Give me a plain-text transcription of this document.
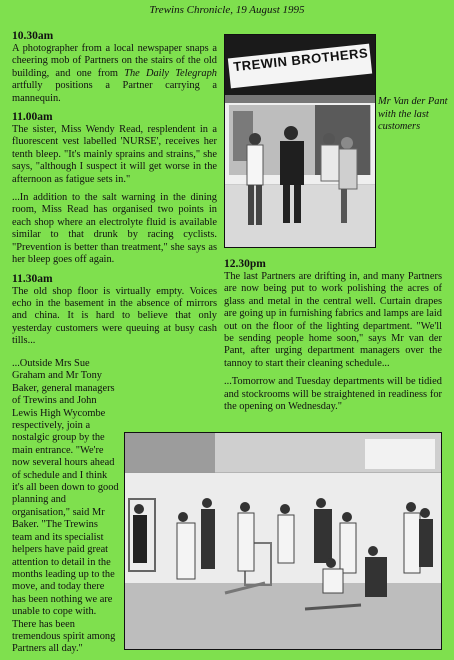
Trewins Chronicle, 19 August 1995
TREWIN BROTHERS
Mr Van der Pant with the last customers
10.30am

A photographer from a local newspaper snaps a cheering mob of Partners on the stairs of the old building, and one from The Daily Telegraph artfully positions a Partner carrying a mannequin.

11.00am

The sister, Miss Wendy Read, resplendent in a fluorescent vest labelled 'NURSE', receives her tenth bleep. "It's mainly sprains and strains," she says, "although I suspect it will get worse in the afternoon as fatigue sets in."

...In addition to the salt warning in the dining room, Miss Read has organised two points in each shop where an electrolyte fluid is available similar to that drunk by racing cyclists. "Prevention is better than treatment," she says as her bleep goes off again.

11.30am

The old shop floor is virtually empty. Voices echo in the basement in the absence of mirrors and china. It is hard to believe that only yesterday customers were queuing at busy cash tills...

12.30pm

The last Partners are drifting in, and many Partners are now being put to work polishing the acres of glass and metal in the central well. Curtain drapes are going up in furnishing fabrics and lamps are laid out on the floor of the lighting department. "We'll be sending people home soon," says Mr van der Pant, after urging department managers over the tannoy to start their cleaning schedule...

...Tomorrow and Tuesday departments will be tidied and stockrooms will be straightened in readiness for the opening on Wednesday."

...Outside Mrs Sue Graham and Mr Tony Baker, general managers of Trewins and John Lewis High Wycombe respectively, join a nostalgic group by the main entrance. "We're now several hours ahead of schedule and I think it's all been down to good planning and organisation," said Mr Baker. "The Trewins team and its specialist helpers have paid great attention to detail in the months leading up to the move, and today there has been nothing we are unable to cope with. There has been tremendous spirit among Partners all day."
